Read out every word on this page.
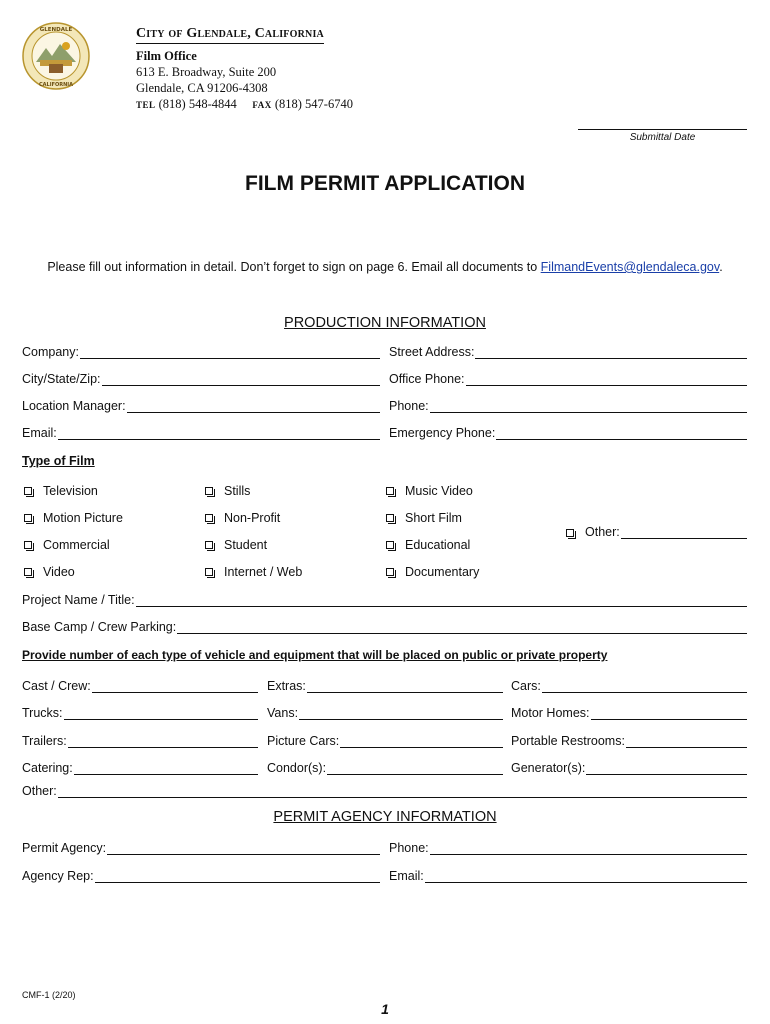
GLENDALE
CALIFORNIA
City of Glendale, California
Film Office
613 E. Broadway, Suite 200
Glendale, CA 91206-4308
TEL (818) 548-4844 FAX (818) 547-6740
Submittal Date
FILM PERMIT APPLICATION
Please fill out information in detail. Don’t forget to sign on page 6. Email all documents to FilmandEvents@glendaleca.gov.
PRODUCTION INFORMATION
Company:	Street Address:
City/State/Zip:	Office Phone:
Location Manager:	Phone:
Email:	Emergency Phone:
Type of Film
Television
Motion Picture
Commercial
Video
Stills
Non-Profit
Student
Internet / Web
Music Video
Short Film
Educational
Documentary
Other:
Project Name / Title:
Base Camp / Crew Parking:
Provide number of each type of vehicle and equipment that will be placed on public or private property
Cast / Crew:	Extras:	Cars:
Trucks:	Vans:	Motor Homes:
Trailers:	Picture Cars:	Portable Restrooms:
Catering:	Condor(s):	Generator(s):
Other:
PERMIT AGENCY INFORMATION
Permit Agency:	Phone:
Agency Rep:	Email:
CMF-1 (2/20)
1
